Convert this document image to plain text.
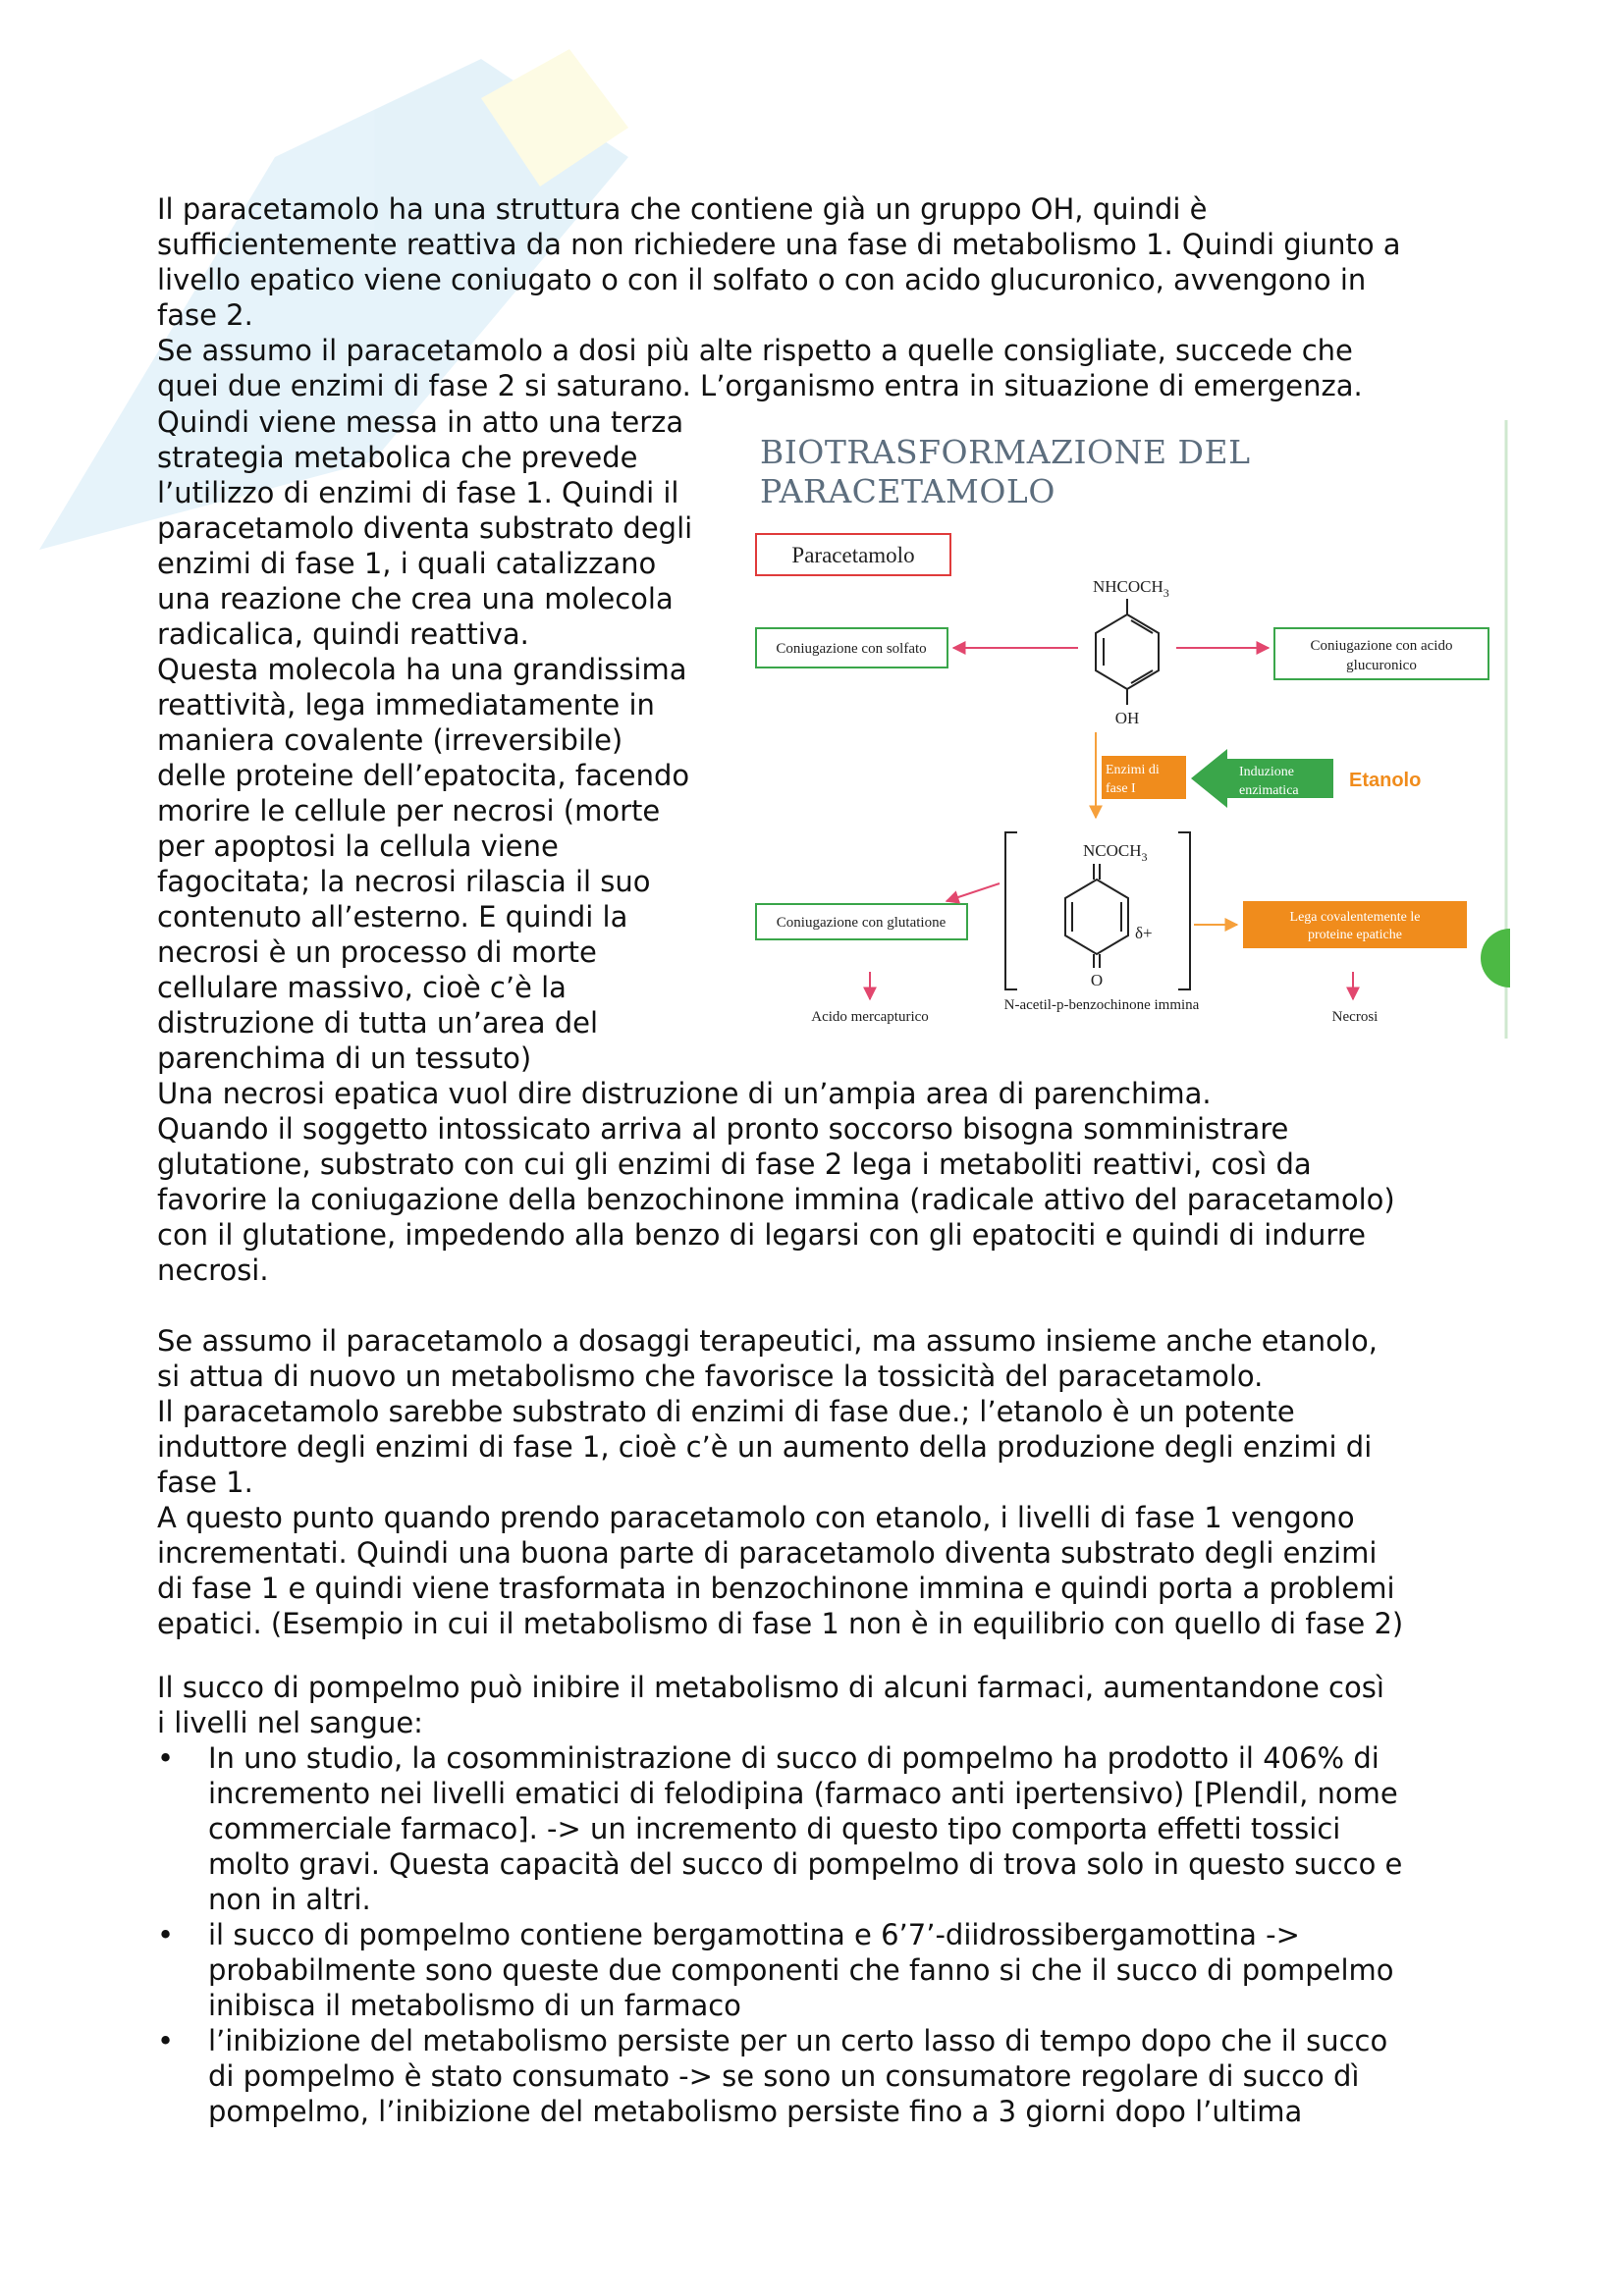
Il paracetamolo ha una struttura che contiene già un gruppo OH, quindi è
sufficientemente reattiva da non richiedere una fase di metabolismo 1. Quindi giunto a
livello epatico viene coniugato o con il solfato o con acido glucuronico, avvengono in
fase 2.
Se assumo il paracetamolo a dosi più alte rispetto a quelle consigliate, succede che
quei due enzimi di fase 2 si saturano. L’organismo entra in situazione di emergenza.

Quindi viene messa in atto una terza
strategia metabolica che prevede
l’utilizzo di enzimi di fase 1. Quindi il
paracetamolo diventa substrato degli
enzimi di fase 1, i quali catalizzano
una reazione che crea una molecola
radicalica, quindi reattiva.
Questa molecola ha una grandissima
reattività, lega immediatamente in
maniera covalente (irreversibile)
delle proteine dell’epatocita, facendo
morire le cellule per necrosi (morte
per apoptosi la cellula viene
fagocitata; la necrosi rilascia il suo
contenuto all’esterno. E quindi la
necrosi è un processo di morte
cellulare massivo, cioè c’è la
distruzione di tutta un’area del
parenchima di un tessuto)

Una necrosi epatica vuol dire distruzione di un’ampia area di parenchima.
Quando il soggetto intossicato arriva al pronto soccorso bisogna somministrare
glutatione, substrato con cui gli enzimi di fase 2 lega i metaboliti reattivi, così da
favorire la coniugazione della benzochinone immina (radicale attivo del paracetamolo)
con il glutatione, impedendo alla benzo di legarsi con gli epatociti e quindi di indurre
necrosi.

Se assumo il paracetamolo a dosaggi terapeutici, ma assumo insieme anche etanolo,
si attua di nuovo un metabolismo che favorisce la tossicità del paracetamolo.
Il paracetamolo sarebbe substrato di enzimi di fase due.; l’etanolo è un potente
induttore degli enzimi di fase 1, cioè c’è un aumento della produzione degli enzimi di
fase 1.
A questo punto quando prendo paracetamolo con etanolo, i livelli di fase 1 vengono
incrementati. Quindi una buona parte di paracetamolo diventa substrato degli enzimi
di fase 1 e quindi viene trasformata in benzochinone immina e quindi porta a problemi
epatici. (Esempio in cui il metabolismo di fase 1 non è in equilibrio con quello di fase 2)

Il succo di pompelmo può inibire il metabolismo di alcuni farmaci, aumentandone così
i livelli nel sangue:

• In uno studio, la cosomministrazione di succo di pompelmo ha prodotto il 406% di
incremento nei livelli ematici di felodipina (farmaco anti ipertensivo) [Plendil, nome
commerciale farmaco]. -> un incremento di questo tipo comporta effetti tossici
molto gravi. Questa capacità del succo di pompelmo di trova solo in questo succo e
non in altri.
• il succo di pompelmo contiene bergamottina e 6’7’-diidrossibergamottina ->
probabilmente sono queste due componenti che fanno si che il succo di pompelmo
inibisca il metabolismo di un farmaco
• l’inibizione del metabolismo persiste per un certo lasso di tempo dopo che il succo
di pompelmo è stato consumato -> se sono un consumatore regolare di succo dì
pompelmo, l’inibizione del metabolismo persiste fino a 3 giorni dopo l’ultima
BIOTRASFORMAZIONE DEL
PARACETAMOLO
Paracetamolo
$NHCOCH_3$
OH
Coniugazione con solfato	Coniugazione con acido
glucuronico
Enzimi di
fase I
Induzione
enzimatica	Etanolo
$NCOCH_3$
O
δ+
Coniugazione con glutatione	Lega covalentemente le
proteine epatiche
Acido mercapturico
N-acetil-p-benzochinone immina
Necrosi
